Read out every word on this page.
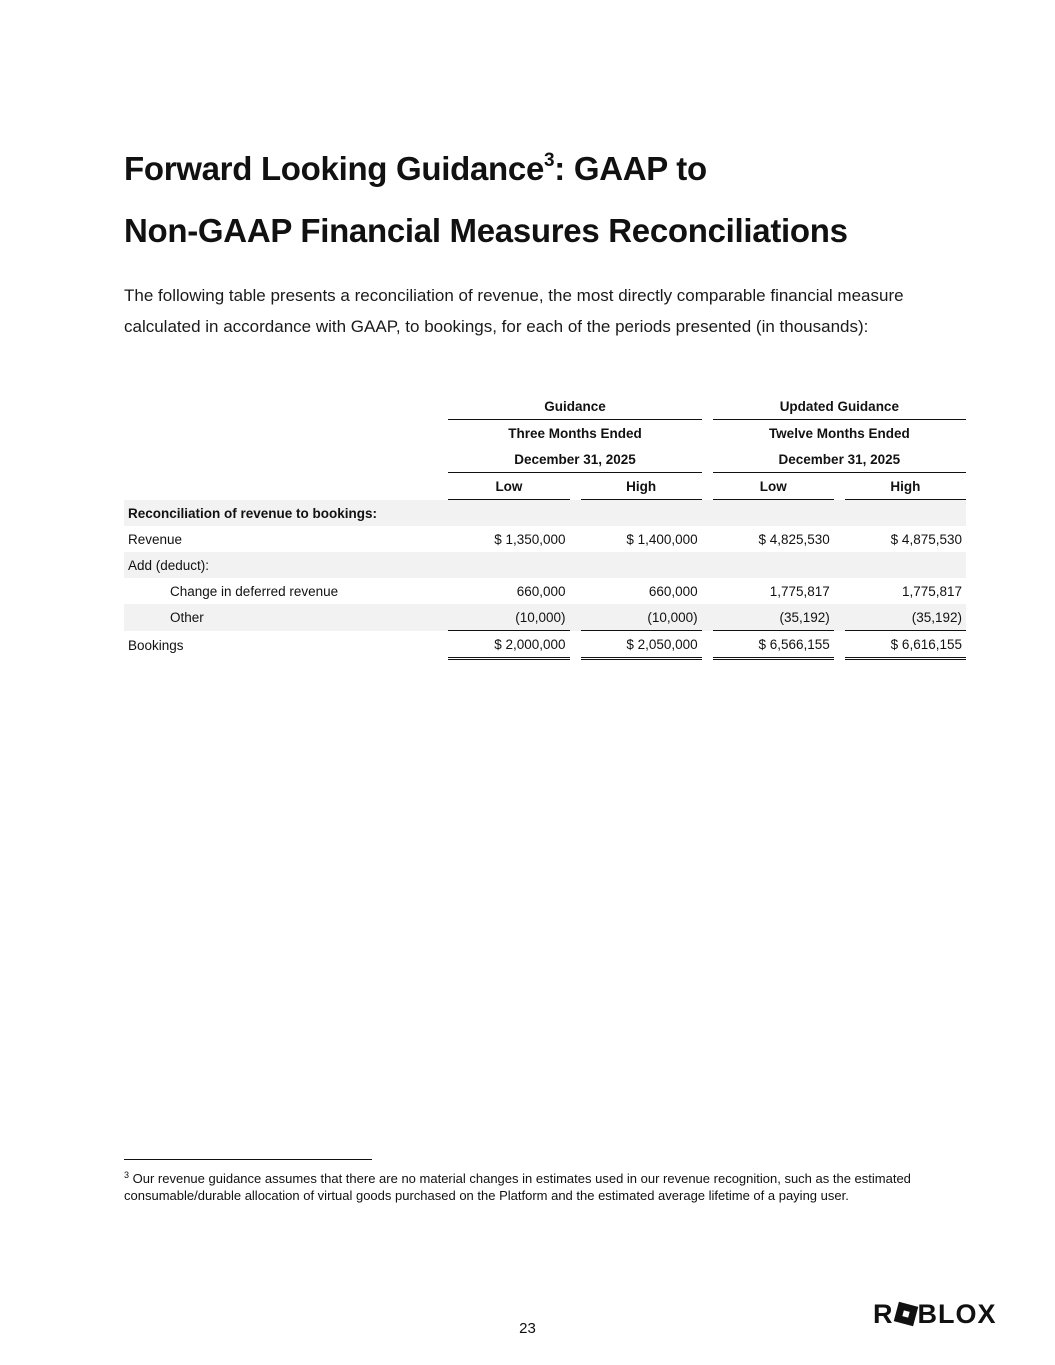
Forward Looking Guidance$^3$: GAAP to
Non-GAAP Financial Measures Reconciliations

The following table presents a reconciliation of revenue, the most directly comparable financial measure calculated in accordance with GAAP, to bookings, for each of the periods presented (in thousands):

	Guidance				Updated Guidance		
	Three Months Ended				Twelve Months Ended		
	December 31, 2025				December 31, 2025		
	Low		High		Low		High
Reconciliation of revenue to bookings:							
Revenue	$ 1,350,000		$ 1,400,000		$ 4,825,530		$ 4,875,530
Add (deduct):							
Change in deferred revenue	660,000		660,000		1,775,817		1,775,817
Other	(10,000)		(10,000)		(35,192)		(35,192)
Bookings	$ 2,000,000		$ 2,050,000		$ 6,566,155		$ 6,616,155

$^3$ Our revenue guidance assumes that there are no material changes in estimates used in our revenue recognition, such as the estimated consumable/durable allocation of virtual goods purchased on the Platform and the estimated average lifetime of a paying user.

23	R BLOX
